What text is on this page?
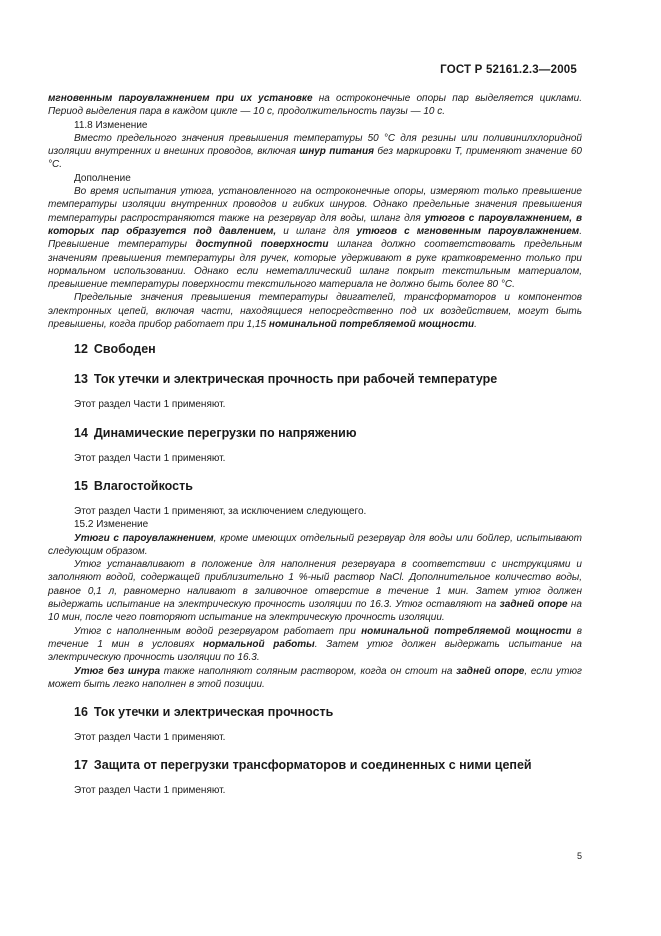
ГОСТ Р 52161.2.3—2005

мгновенным пароувлажнением при их установке на остроконечные опоры пар выделяется циклами. Период выделения пара в каждом цикле — 10 с, продолжительность паузы — 10 с.

11.8 Изменение

Вместо предельного значения превышения температуры 50 °С для резины или поливинилхлоридной изоляции внутренних и внешних проводов, включая шнур питания без маркировки T, применяют значение 60 °С.

Дополнение

Во время испытания утюга, установленного на остроконечные опоры, измеряют только превышение температуры изоляции внутренних проводов и гибких шнуров. Однако предельные значения превышения температуры распространяются также на резервуар для воды, шланг для утюгов с пароувлажнением, в которых пар образуется под давлением, и шланг для утюгов с мгновенным пароувлажнением. Превышение температуры доступной поверхности шланга должно соответствовать предельным значениям превышения температуры для ручек, которые удерживают в руке кратковременно только при нормальном использовании. Однако если неметаллический шланг покрыт текстильным материалом, превышение температуры поверхности текстильного материала не должно быть более 80 °С.

Предельные значения превышения температуры двигателей, трансформаторов и компонентов электронных цепей, включая части, находящиеся непосредственно под их воздействием, могут быть превышены, когда прибор работает при 1,15 номинальной потребляемой мощности.

12 Свободен
13 Ток утечки и электрическая прочность при рабочей температуре

Этот раздел Части 1 применяют.

14 Динамические перегрузки по напряжению

Этот раздел Части 1 применяют.

15 Влагостойкость

Этот раздел Части 1 применяют, за исключением следующего.

15.2 Изменение

Утюги с пароувлажнением, кроме имеющих отдельный резервуар для воды или бойлер, испытывают следующим образом.

Утюг устанавливают в положение для наполнения резервуара в соответствии с инструкциями и заполняют водой, содержащей приблизительно 1 %-ный раствор NaCl. Дополнительное количество воды, равное 0,1 л, равномерно наливают в заливочное отверстие в течение 1 мин. Затем утюг должен выдержать испытание на электрическую прочность изоляции по 16.3. Утюг оставляют на задней опоре на 10 мин, после чего повторяют испытание на электрическую прочность изоляции.

Утюг с наполненным водой резервуаром работает при номинальной потребляемой мощности в течение 1 мин в условиях нормальной работы. Затем утюг должен выдержать испытание на электрическую прочность изоляции по 16.3.

Утюг без шнура также наполняют соляным раствором, когда он стоит на задней опоре, если утюг может быть легко наполнен в этой позиции.

16 Ток утечки и электрическая прочность

Этот раздел Части 1 применяют.

17 Защита от перегрузки трансформаторов и соединенных с ними цепей

Этот раздел Части 1 применяют.

5
